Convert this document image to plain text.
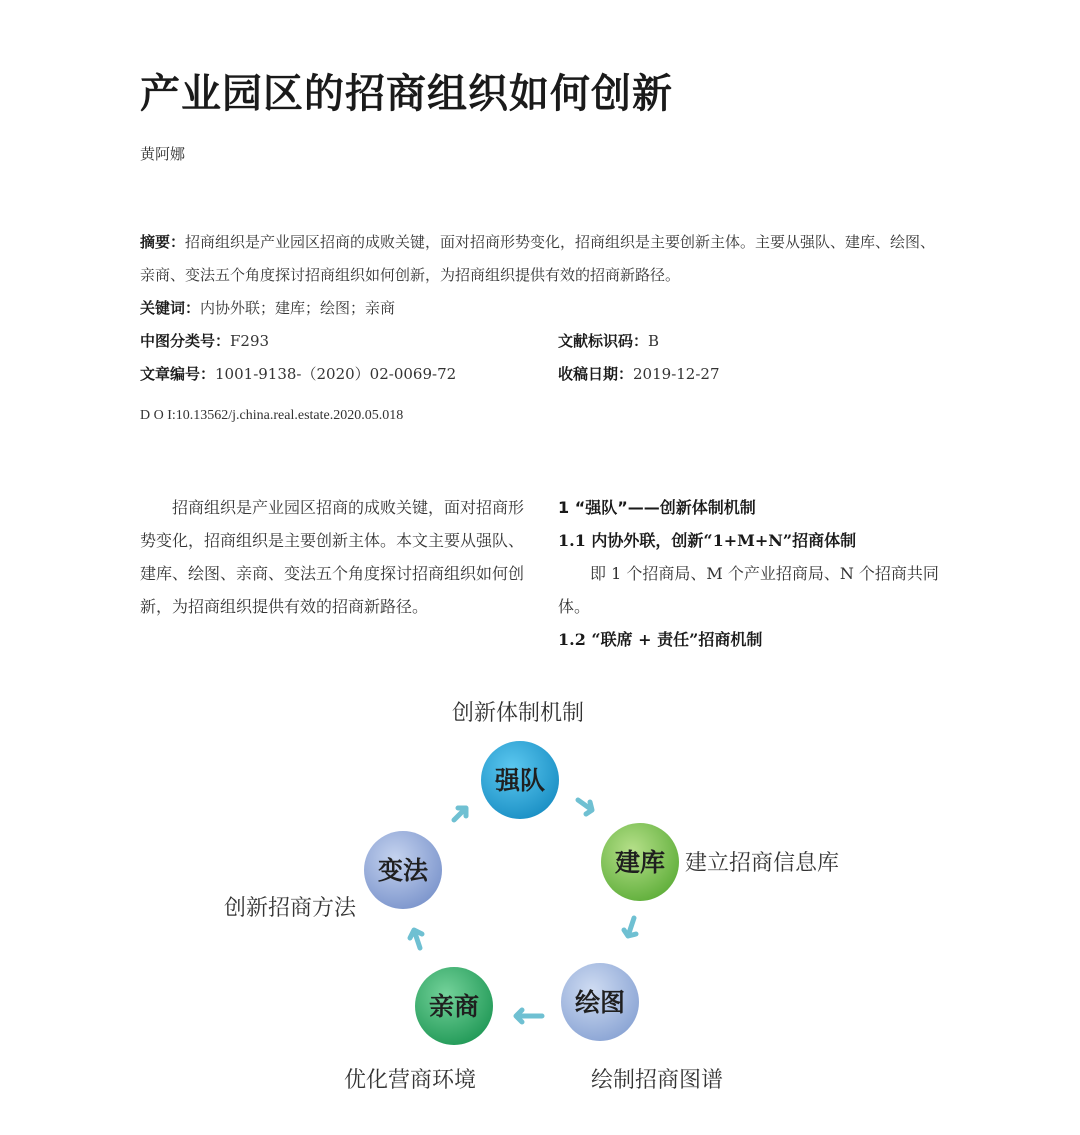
产业园区的招商组织如何创新
黄阿娜
摘要：招商组织是产业园区招商的成败关键，面对招商形势变化，招商组织是主要创新主体。主要从强队、建库、绘图、亲商、变法五个角度探讨招商组织如何创新，为招商组织提供有效的招商新路径。
关键词：内协外联；建库；绘图；亲商
中图分类号：F293	文献标识码：B
文章编号：1001-9138-（2020）02-0069-72	收稿日期：2019-12-27
D O I:10.13562/j.china.real.estate.2020.05.018
招商组织是产业园区招商的成败关键，面对招商形势变化，招商组织是主要创新主体。本文主要从强队、建库、绘图、亲商、变法五个角度探讨招商组织如何创新，为招商组织提供有效的招商新路径。
1 “强队”——创新体制机制
1.1 内协外联，创新“1+M+N”招商体制
即 1 个招商局、M 个产业招商局、N 个招商共同体。
1.2 “联席 + 责任”招商机制
创新体制机制
建立招商信息库
绘制招商图谱
优化营商环境
创新招商方法
强队
建库
绘图
亲商
变法
